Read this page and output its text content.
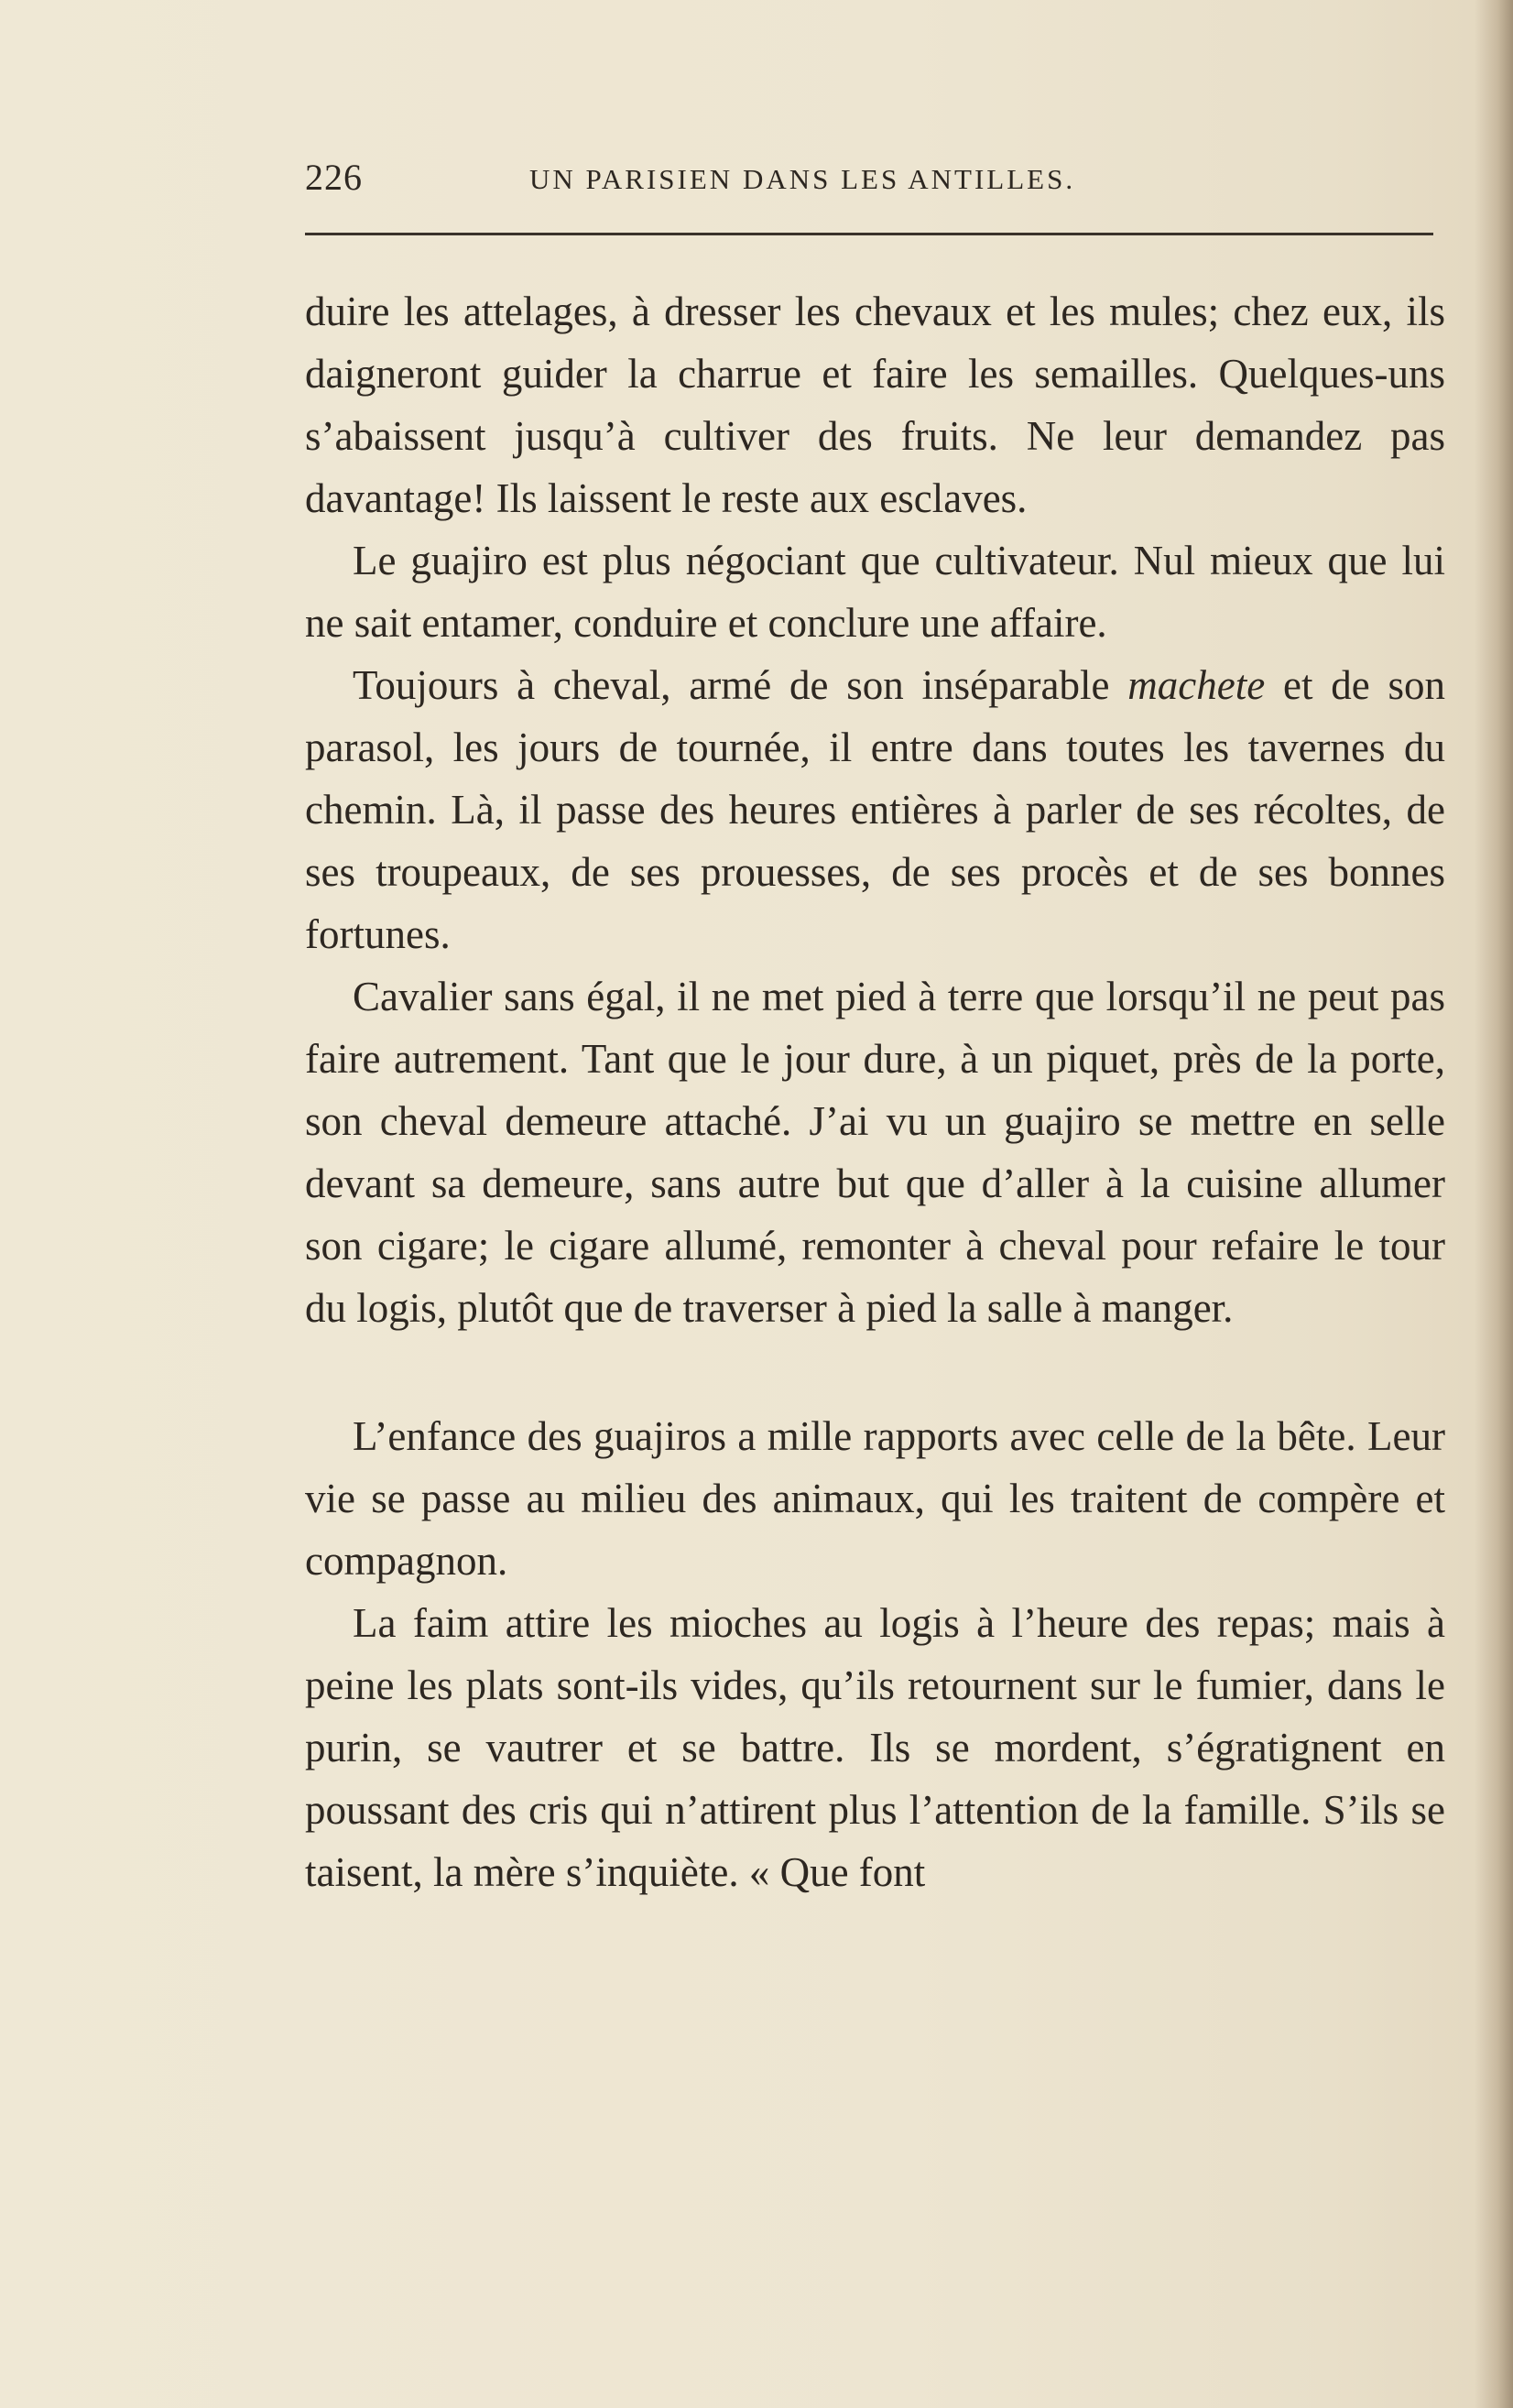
226	UN PARISIEN DANS LES ANTILLES.

duire les attelages, à dresser les chevaux et les mules; chez eux, ils daigneront guider la charrue et faire les semailles. Quelques-uns s’abaissent jusqu’à cultiver des fruits. Ne leur demandez pas davantage! Ils laissent le reste aux esclaves.

Le guajiro est plus négociant que cultivateur. Nul mieux que lui ne sait entamer, conduire et conclure une affaire.

Toujours à cheval, armé de son inséparable machete et de son parasol, les jours de tournée, il entre dans toutes les tavernes du chemin. Là, il passe des heures entières à parler de ses récoltes, de ses troupeaux, de ses prouesses, de ses procès et de ses bonnes fortunes.

Cavalier sans égal, il ne met pied à terre que lorsqu’il ne peut pas faire autrement. Tant que le jour dure, à un piquet, près de la porte, son cheval demeure attaché. J’ai vu un guajiro se mettre en selle devant sa demeure, sans autre but que d’aller à la cuisine allumer son cigare; le cigare allumé, remonter à cheval pour refaire le tour du logis, plutôt que de traverser à pied la salle à manger.

L’enfance des guajiros a mille rapports avec celle de la bête. Leur vie se passe au milieu des animaux, qui les traitent de compère et compagnon.

La faim attire les mioches au logis à l’heure des repas; mais à peine les plats sont-ils vides, qu’ils retournent sur le fumier, dans le purin, se vautrer et se battre. Ils se mordent, s’égratignent en poussant des cris qui n’attirent plus l’attention de la famille. S’ils se taisent, la mère s’inquiète. « Que font
